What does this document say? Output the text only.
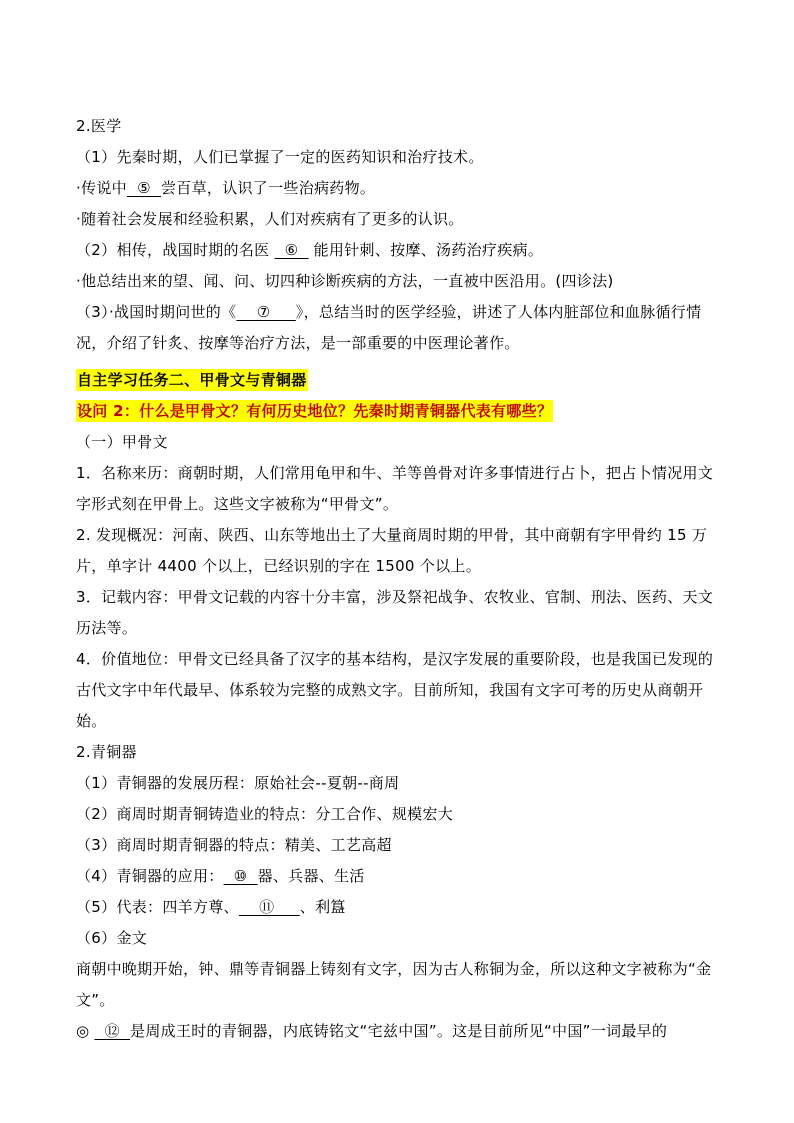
2.医学
（1）先秦时期，人们已掌握了一定的医药知识和治疗技术。
·传说中  ⑤  尝百草，认识了一些治病药物。
·随着社会发展和经验积累，人们对疾病有了更多的认识。
（2）相传，战国时期的名医   ⑥   能用针刺、按摩、汤药治疗疾病。
·他总结出来的望、闻、问、切四种诊断疾病的方法，一直被中医沿用。(四诊法)
（3）·战国时期问世的《    ⑦     》，总结当时的医学经验，讲述了人体内脏部位和血脉循行情况，介绍了针炙、按摩等治疗方法，是一部重要的中医理论著作。
自主学习任务二、甲骨文与青铜器
设问 2：什么是甲骨文？有何历史地位？先秦时期青铜器代表有哪些？
（一）甲骨文
1．名称来历：商朝时期，人们常用龟甲和牛、羊等兽骨对许多事情进行占卜，把占卜情况用文字形式刻在甲骨上。这些文字被称为“甲骨文”。
2. 发现概况：河南、陕西、山东等地出土了大量商周时期的甲骨，其中商朝有字甲骨约 15 万片，单字计 4400 个以上，已经识别的字在 1500 个以上。
3．记载内容：甲骨文记载的内容十分丰富，涉及祭祀战争、农牧业、官制、刑法、医药、天文历法等。
4．价值地位：甲骨文已经具备了汉字的基本结构，是汉字发展的重要阶段，也是我国已发现的古代文字中年代最早、体系较为完整的成熟文字。目前所知，我国有文字可考的历史从商朝开始。
2.青铜器
（1）青铜器的发展历程：原始社会--夏朝--商周
（2）商周时期青铜铸造业的特点：分工合作、规模宏大
（3）商周时期青铜器的特点：精美、工艺高超
（4）青铜器的应用：  ⑩  器、兵器、生活
（5）代表：四羊方尊、    ⑪     、利簋
（6）金文
商朝中晚期开始，钟、鼎等青铜器上铸刻有文字，因为古人称铜为金，所以这种文字被称为“金文”。
◎   ⑫  是周成王时的青铜器，内底铸铭文“宅兹中国”。这是目前所见“中国”一词最早的
